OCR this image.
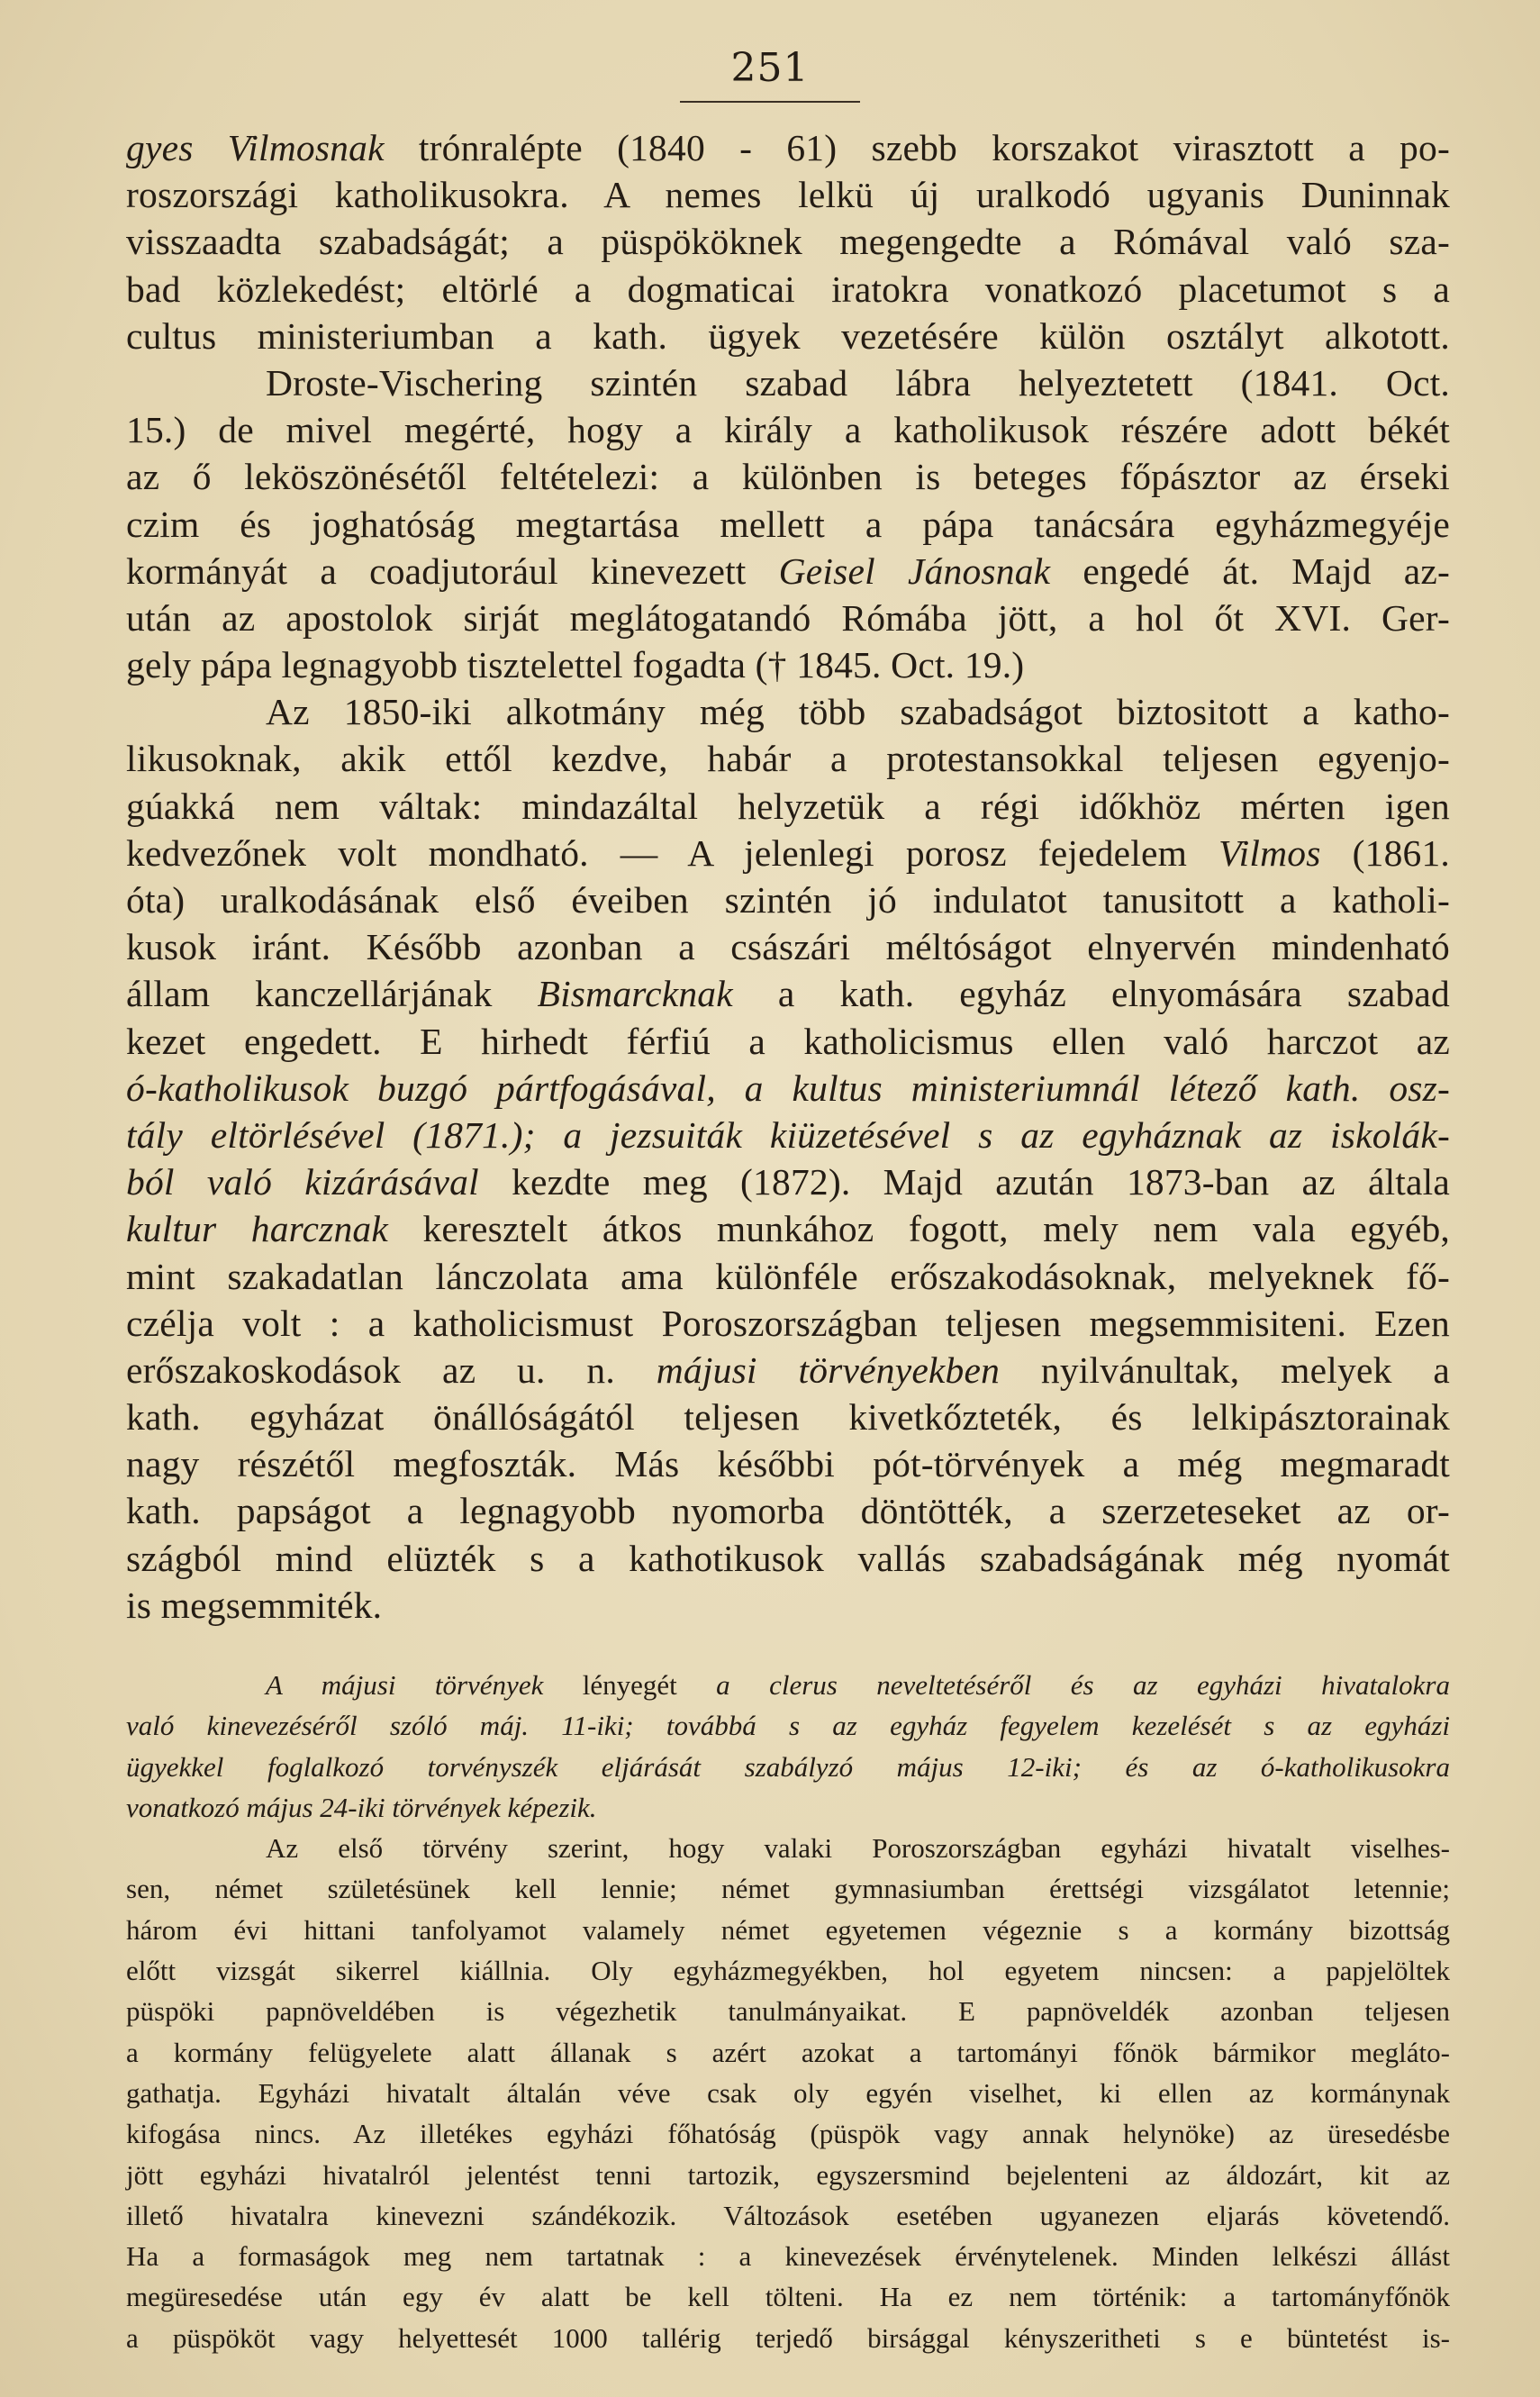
251
gyes Vilmosnak trónralépte (1840 - 61) szebb korszakot virasztott a po-
roszországi katholikusokra. A nemes lelkü új uralkodó ugyanis Duninnak
visszaadta szabadságát; a püspököknek megengedte a Rómával való sza-
bad közlekedést; eltörlé a dogmaticai iratokra vonatkozó placetumot s a
cultus ministeriumban a kath. ügyek vezetésére külön osztályt alkotott.
Droste-Vischering szintén szabad lábra helyeztetett (1841. Oct.
15.) de mivel megérté, hogy a király a katholikusok részére adott békét
az ő leköszönésétől feltételezi: a különben is beteges főpásztor az érseki
czim és joghatóság megtartása mellett a pápa tanácsára egyházmegyéje
kormányát a coadjutorául kinevezett Geisel Jánosnak engedé át. Majd az-
után az apostolok sirját meglátogatandó Rómába jött, a hol őt XVI. Ger-
gely pápa legnagyobb tisztelettel fogadta († 1845. Oct. 19.)
Az 1850-iki alkotmány még több szabadságot biztositott a katho-
likusoknak, akik ettől kezdve, habár a protestansokkal teljesen egyenjo-
gúakká nem váltak: mindazáltal helyzetük a régi időkhöz mérten igen
kedvezőnek volt mondható. — A jelenlegi porosz fejedelem Vilmos (1861.
óta) uralkodásának első éveiben szintén jó indulatot tanusitott a katholi-
kusok iránt. Később azonban a császári méltóságot elnyervén mindenható
állam kanczellárjának Bismarcknak a kath. egyház elnyomására szabad
kezet engedett. E hirhedt férfiú a katholicismus ellen való harczot az
ó-katholikusok buzgó pártfogásával, a kultus ministeriumnál létező kath. osz-
tály eltörlésével (1871.); a jezsuiták kiüzetésével s az egyháznak az iskolák-
ból való kizárásával kezdte meg (1872). Majd azután 1873-ban az általa
kultur harcznak keresztelt átkos munkához fogott, mely nem vala egyéb,
mint szakadatlan lánczolata ama különféle erőszakodásoknak, melyeknek fő-
czélja volt : a katholicismust Poroszországban teljesen megsemmisiteni. Ezen
erőszakoskodások az u. n. májusi törvényekben nyilvánultak, melyek a
kath. egyházat önállóságától teljesen kivetkőzteték, és lelkipásztorainak
nagy részétől megfoszták. Más későbbi pót-törvények a még megmaradt
kath. papságot a legnagyobb nyomorba döntötték, a szerzeteseket az or-
szágból mind elüzték s a kathotikusok vallás szabadságának még nyomát
is megsemmiték.
A májusi törvények lényegét a clerus neveltetéséről és az egyházi hivatalokra
való kinevezéséről szóló máj. 11-iki; továbbá s az egyház fegyelem kezelését s az egyházi
ügyekkel foglalkozó torvényszék eljárását szabályzó május 12-iki; és az ó-katholikusokra
vonatkozó május 24-iki törvények képezik.
Az első törvény szerint, hogy valaki Poroszországban egyházi hivatalt viselhes-
sen, német születésünek kell lennie; német gymnasiumban érettségi vizsgálatot letennie;
három évi hittani tanfolyamot valamely német egyetemen végeznie s a kormány bizottság
előtt vizsgát sikerrel kiállnia. Oly egyházmegyékben, hol egyetem nincsen: a papjelöltek
püspöki papnöveldében is végezhetik tanulmányaikat. E papnöveldék azonban teljesen
a kormány felügyelete alatt állanak s azért azokat a tartományi főnök bármikor megláto-
gathatja. Egyházi hivatalt általán véve csak oly egyén viselhet, ki ellen az kormánynak
kifogása nincs. Az illetékes egyházi főhatóság (püspök vagy annak helynöke) az üresedésbe
jött egyházi hivatalról jelentést tenni tartozik, egyszersmind bejelenteni az áldozárt, kit az
illető hivatalra kinevezni szándékozik. Változások esetében ugyanezen eljarás követendő.
Ha a formaságok meg nem tartatnak : a kinevezések érvénytelenek. Minden lelkészi állást
megüresedése után egy év alatt be kell tölteni. Ha ez nem történik: a tartományfőnök
a püspököt vagy helyettesét 1000 tallérig terjedő birsággal kényszeritheti s e büntetést is-
